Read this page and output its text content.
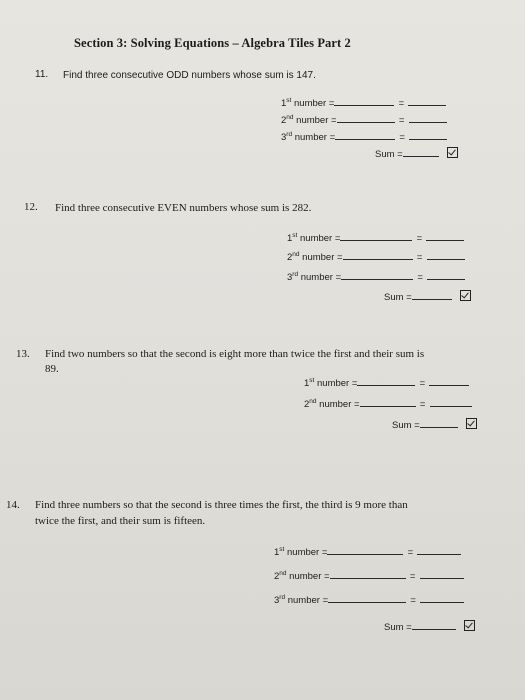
Section 3: Solving Equations – Algebra Tiles Part 2
11. Find three consecutive ODD numbers whose sum is 147.
1st number =	=
2nd number =	=
3rd number =	=
Sum =
12. Find three consecutive EVEN numbers whose sum is 282.
1st number =	=
2nd number =	=
3rd number =	=
Sum =
13. Find two numbers so that the second is eight more than twice the first and their sum is
89.
1st number =	=
2nd number =	=
Sum =
14. Find three numbers so that the second is three times the first, the third is 9 more than
twice the first, and their sum is fifteen.
1st number =	=
2nd number =	=
3rd number =	=
Sum =
